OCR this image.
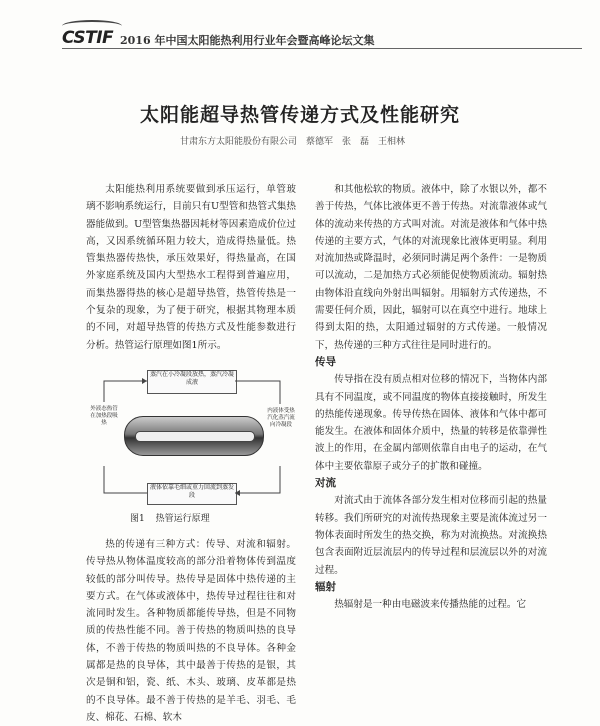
CSTIF 2016 年中国太阳能热利用行业年会暨高峰论坛文集
太阳能超导热管传递方式及性能研究
甘肃东方太阳能股份有限公司　蔡德军　张　磊　王相林

太阳能热利用系统要做到承压运行，单管玻璃不影响系统运行，目前只有U型管和热管式集热器能做到。U型管集热器因耗材等因素造成价位过高，又因系统循环阻力较大，造成得热量低。热管集热器传热快，承压效果好，得热量高，在国外家庭系统及国内大型热水工程得到普遍应用，而集热器得热的核心是超导热管，热管传热是一个复杂的现象，为了便于研究，根据其物理本质的不同，对超导热管的传热方式及性能参数进行分析。热管运行原理如图1所示。

蒸汽在小冷凝段放热，蒸汽冷凝成液
外液态热管在加热段吸热
内液体受热汽化蒸汽流向冷凝段
液体依靠毛细或重力回流到蒸发段
图1 热管运行原理

热的传递有三种方式：传导、对流和辐射。传导热从物体温度较高的部分沿着物体传到温度较低的部分叫传导。热传导是固体中热传递的主要方式。在气体或液体中，热传导过程往往和对流同时发生。各种物质都能传导热，但是不同物质的传热性能不同。善于传热的物质叫热的良导体，不善于传热的物质叫热的不良导体。各种金属都是热的良导体，其中最善于传热的是银，其次是铜和铝，瓷、纸、木头、玻璃、皮革都是热的不良导体。最不善于传热的是羊毛、羽毛、毛皮、棉花、石棉、软木

和其他松软的物质。液体中，除了水银以外，都不善于传热，气体比液体更不善于传热。对流靠液体或气体的流动来传热的方式叫对流。对流是液体和气体中热传递的主要方式，气体的对流现象比液体更明显。利用对流加热或降温时，必须同时满足两个条件：一是物质可以流动，二是加热方式必须能促使物质流动。辐射热由物体沿直线向外射出叫辐射。用辐射方式传递热，不需要任何介质，因此，辐射可以在真空中进行。地球上得到太阳的热，太阳通过辐射的方式传递。一般情况下，热传递的三种方式往往是同时进行的。

传导

传导指在没有质点相对位移的情况下，当物体内部具有不同温度，或不同温度的物体直接接触时，所发生的热能传递现象。传导传热在固体、液体和气体中都可能发生。在液体和固体介质中，热量的转移是依靠弹性波上的作用，在金属内部则依靠自由电子的运动，在气体中主要依靠原子或分子的扩散和碰撞。

对流

对流式由于流体各部分发生相对位移而引起的热量转移。我们所研究的对流传热现象主要是流体流过另一物体表面时所发生的热交换，称为对流换热。对流换热包含表面附近层流层内的传导过程和层流层以外的对流过程。

辐射

热辐射是一种由电磁波来传播热能的过程。它
